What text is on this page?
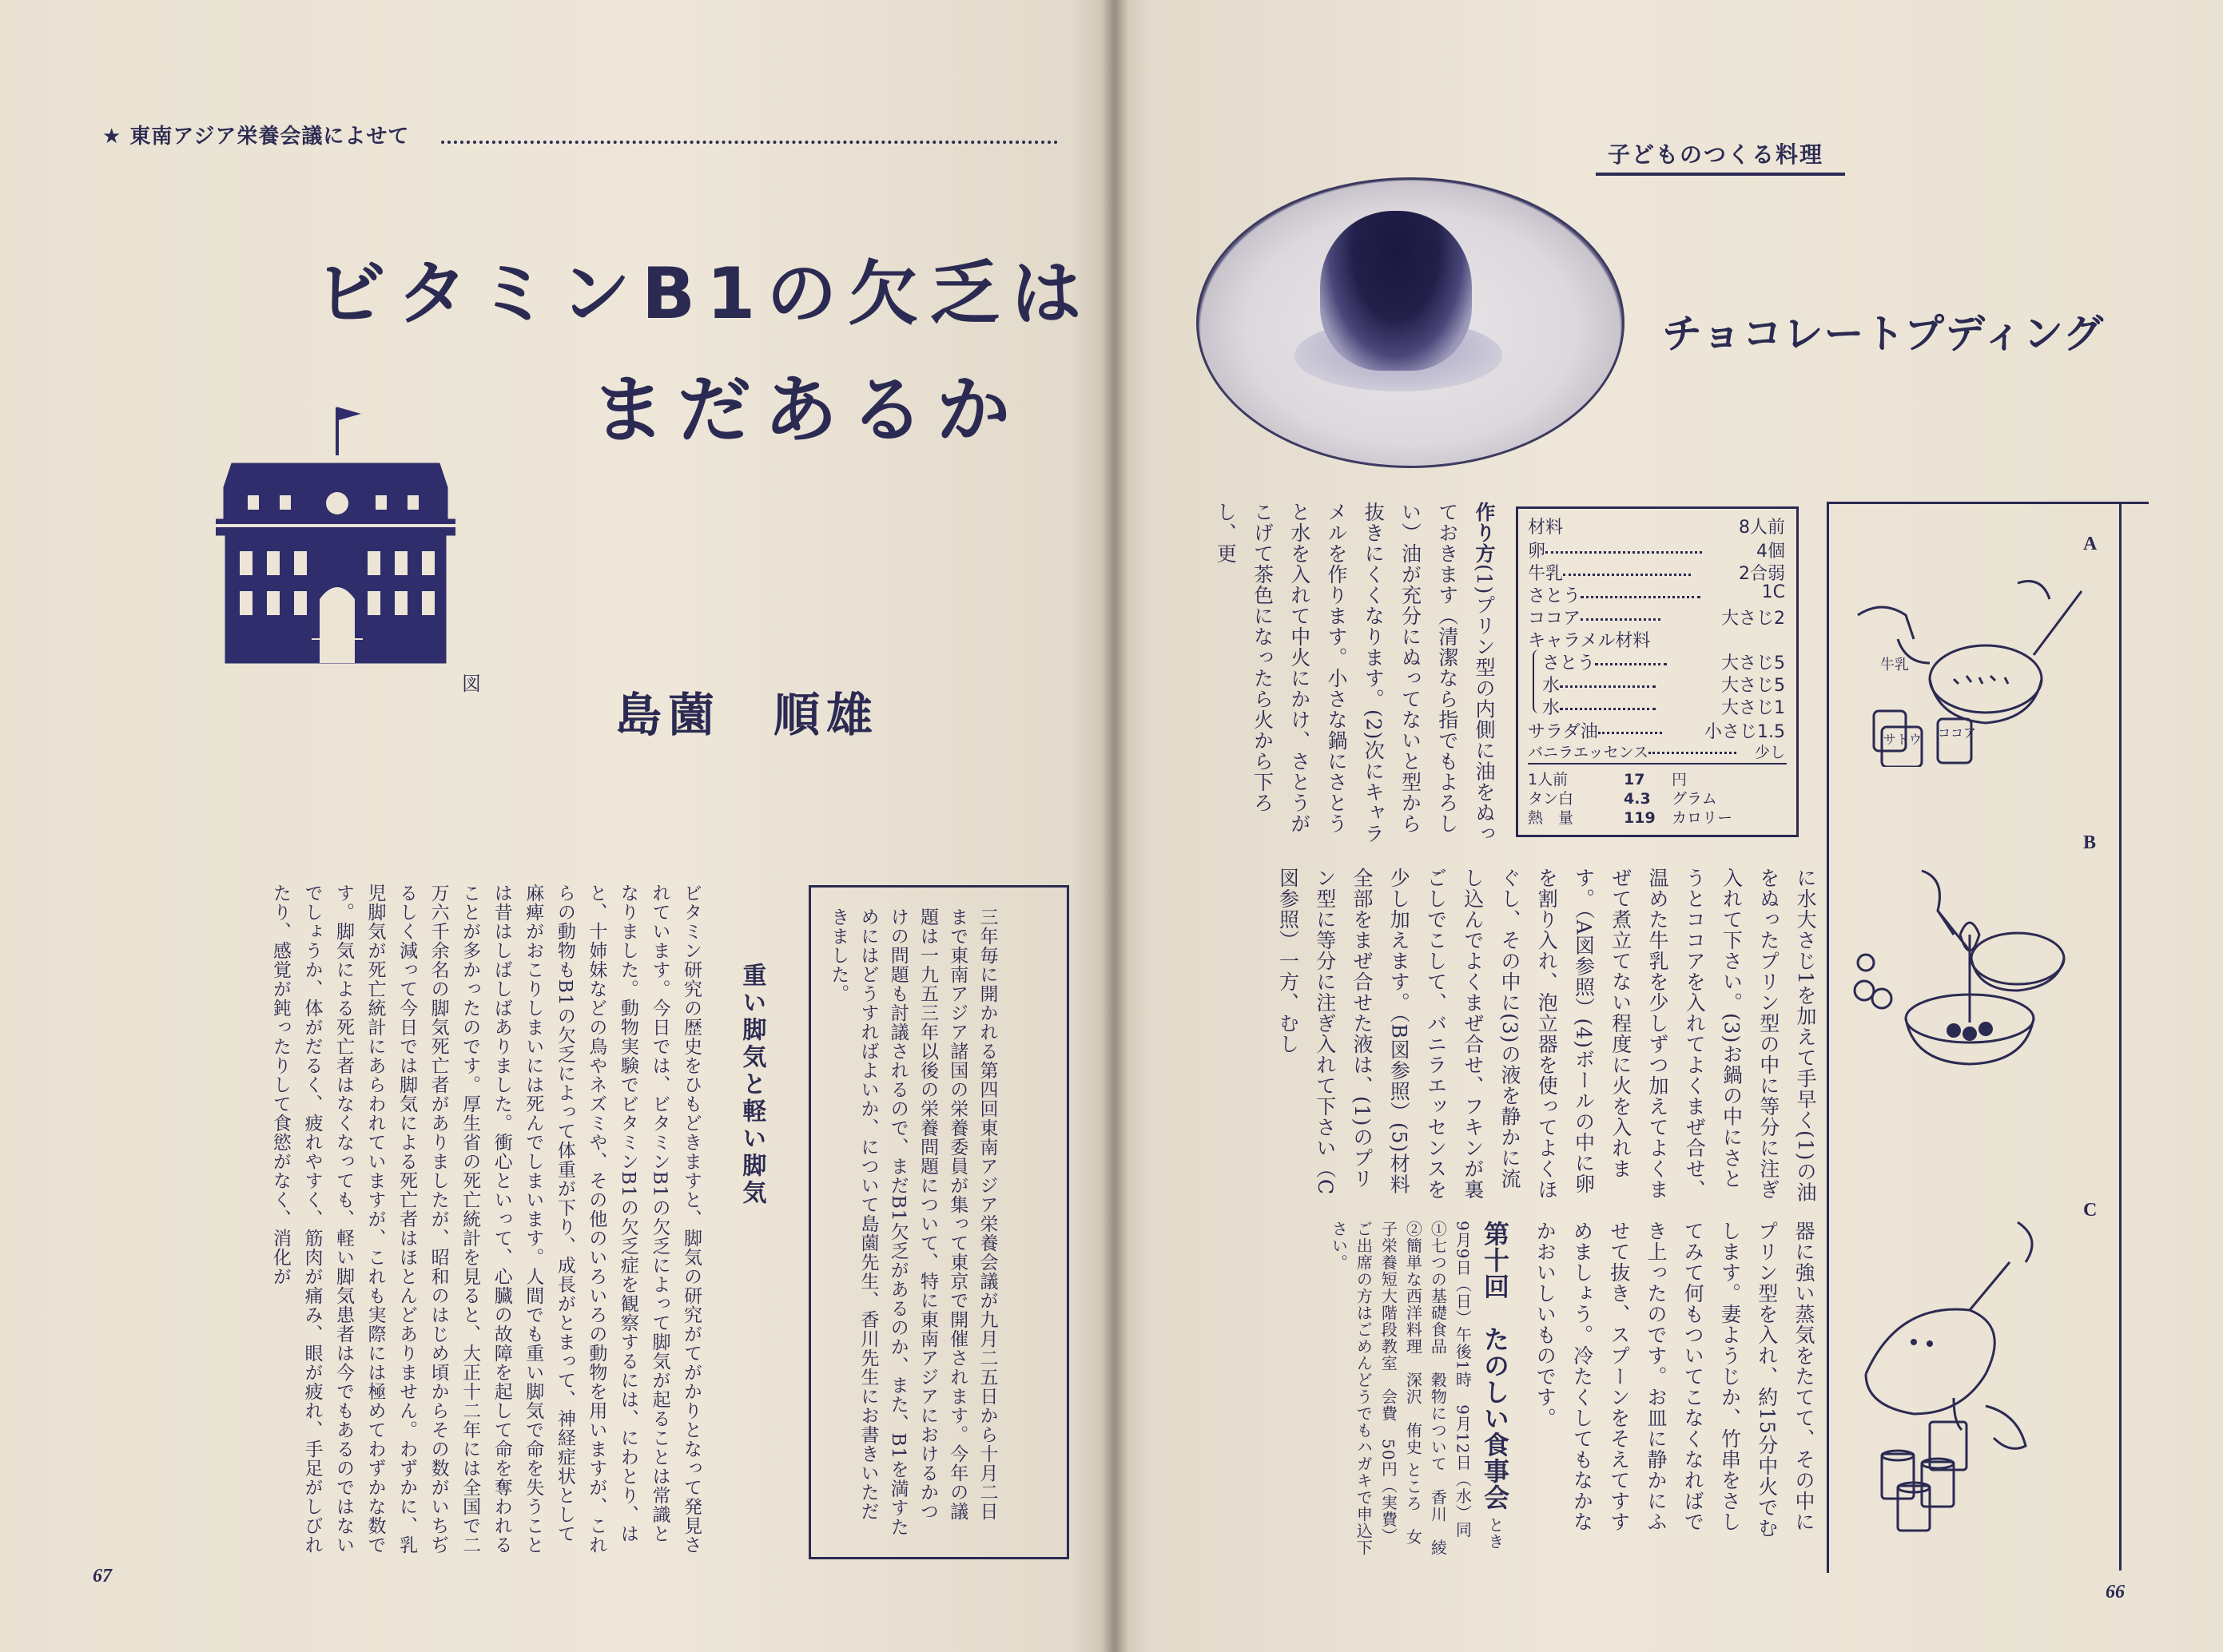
★ 東南アジア栄養会議によせて
ビタミンB1の欠乏は
まだあるか
図
島薗　順雄
三年毎に開かれる第四回東南アジア栄養会議が九月二五日から十月二日まで東南アジア諸国の栄養委員が集って東京で開催されます。今年の議題は一九五三年以後の栄養問題について、特に東南アジアにおけるかつけの問題も討議されるので、まだB1欠乏があるのか、また、B1を満すためにはどうすればよいか、について島薗先生、香川先生にお書きいただきました。
重い脚気と軽い脚気
ビタミン研究の歴史をひもどきますと、脚気の研究がてがかりとなって発見されています。今日では、ビタミンB1の欠乏によって脚気が起ることは常識となりました。動物実験でビタミンB1の欠乏症を観察するには、にわとり、はと、十姉妹などの鳥やネズミや、その他のいろいろの動物を用いますが、これらの動物もB1の欠乏によって体重が下り、成長がとまって、神経症状として麻痺がおこりしまいには死んでしまいます。人間でも重い脚気で命を失うことは昔はしばしばありました。衝心といって、心臓の故障を起して命を奪われることが多かったのです。厚生省の死亡統計を見ると、大正十二年には全国で二万六千余名の脚気死亡者がありましたが、昭和のはじめ頃からその数がいちぢるしく減って今日では脚気による死亡者はほとんどありません。わずかに、乳児脚気が死亡統計にあらわれていますが、これも実際には極めてわずかな数です。脚気による死亡者はなくなっても、軽い脚気患者は今でもあるのではないでしょうか、体がだるく、疲れやすく、筋肉が痛み、眼が疲れ、手足がしびれたり、感覚が鈍ったりして食慾がなく、消化が
67
子どものつくる料理
チョコレートプディング
材料	8人前
卵	4個
牛乳	2合弱
さとう	1C
ココア	大さじ2
キャラメル材料
さとう	大さじ5
水	大さじ5
水	大さじ1
サラダ油	小さじ1.5
バニラエッセンス	少し
1人前	17 円
タン白	4.3 グラム
熱　量	119 カロリー
作り方(1)プリン型の内側に油をぬっておきます（清潔なら指でもよろしい）油が充分にぬってないと型から抜きにくくなります。(2)次にキャラメルを作ります。小さな鍋にさとうと水を入れて中火にかけ、さとうがこげて茶色になったら火から下ろし、更
に水大さじ1を加えて手早く(1)の油をぬったプリン型の中に等分に注ぎ入れて下さい。(3)お鍋の中にさとうとココアを入れてよくまぜ合せ、温めた牛乳を少しずつ加えてよくまぜて煮立てない程度に火を入れます。（A図参照）(4)ボールの中に卵を割り入れ、泡立器を使ってよくほぐし、その中に(3)の液を静かに流し込んでよくまぜ合せ、フキンが裏ごしでこして、バニラエッセンスを少し加えます。（B図参照）(5)材料全部をまぜ合せた液は、(1)のプリン型に等分に注ぎ入れて下さい（C図参照）一方、むし
第十回　たのしい食事会 とき　9月9日（日）午後1時　9月12日（水）同 ①七つの基礎食品　穀物について　香川　綾　②簡単な西洋料理　深沢　侑史 ところ　女子栄養短大階段教室　会費　50円（実費） ご出席の方はごめんどうでもハガキで申込下さい。	器に強い蒸気をたてて、その中にプリン型を入れ、約15分中火でむします。妻ようじか、竹串をさしてみて何もついてこなくなればでき上ったのです。お皿に静かにふせて抜き、スプーンをそえてすすめましょう。冷たくしてもなかなかおいしいものです。
A
B
C
牛乳
サトウ ココア
66
